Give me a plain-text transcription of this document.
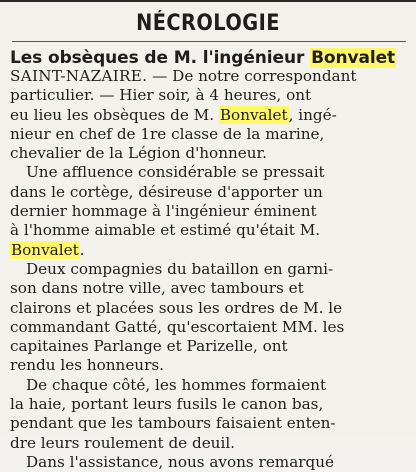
NÉCROLOGIE
Les obsèques de M. l'ingénieur Bonvalet
SAINT-NAZAIRE. — De notre correspondant
particulier. — Hier soir, à 4 heures, ont
eu lieu les obsèques de M. Bonvalet, ingé-
nieur en chef de 1re classe de la marine,
chevalier de la Légion d'honneur.
Une affluence considérable se pressait
dans le cortège, désireuse d'apporter un
dernier hommage à l'ingénieur éminent
à l'homme aimable et estimé qu'était M.
Bonvalet.
Deux compagnies du bataillon en garni-
son dans notre ville, avec tambours et
clairons et placées sous les ordres de M. le
commandant Gatté, qu'escortaient MM. les
capitaines Parlange et Parizelle, ont
rendu les honneurs.
De chaque côté, les hommes formaient
la haie, portant leurs fusils le canon bas,
pendant que les tambours faisaient enten-
dre leurs roulement de deuil.
Dans l'assistance, nous avons remarqué
